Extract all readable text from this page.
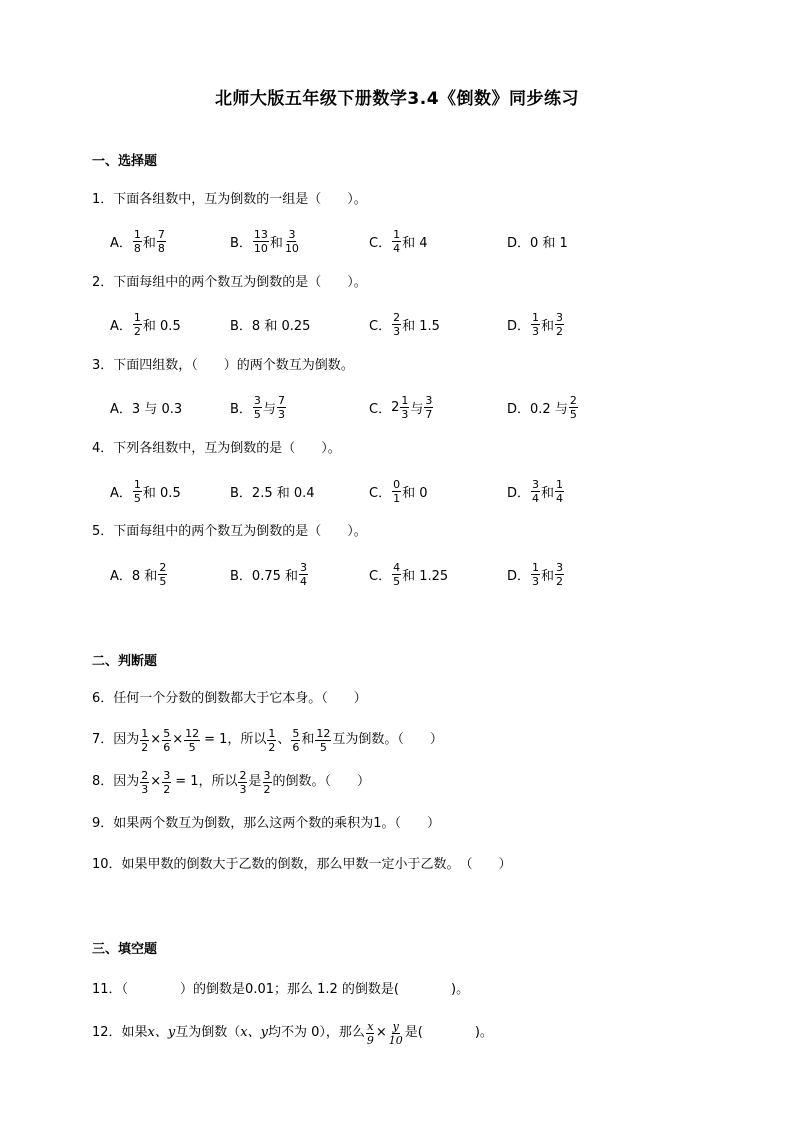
北师大版五年级下册数学3.4《倒数》同步练习
一、选择题
1．下面各组数中，互为倒数的一组是（　　）。
A． $\frac{1}{8}$ 和 $\frac{7}{8}$	B． $\frac{13}{10}$ 和 $\frac{3}{10}$	C． $\frac{1}{4}$ 和 4	D． 0 和 1
2．下面每组中的两个数互为倒数的是（　　）。
A． $\frac{1}{2}$ 和 0.5	B． 8 和 0.25	C． $\frac{2}{3}$ 和 1.5	D． $\frac{1}{3}$ 和 $\frac{3}{2}$
3．下面四组数，（　　）的两个数互为倒数。
A． 3 与 0.3	B． $\frac{3}{5}$ 与 $\frac{7}{3}$	C． $2 \frac{1}{3}$ 与 $\frac{3}{7}$	D． 0.2 与 $\frac{2}{5}$
4．下列各组数中，互为倒数的是（　　）。
A． $\frac{1}{5}$ 和 0.5	B． 2.5 和 0.4	C． $\frac{0}{1}$ 和 0	D． $\frac{3}{4}$ 和 $\frac{1}{4}$
5．下面每组中的两个数互为倒数的是（　　）。
A． 8 和 $\frac{2}{5}$	B． 0.75 和 $\frac{3}{4}$	C． $\frac{4}{5}$ 和 1.25	D． $\frac{1}{3}$ 和 $\frac{3}{2}$
二、判断题
6．任何一个分数的倒数都大于它本身。（　　）
7．因为 $\frac{1}{2} \times \frac{5}{6} \times \frac{12}{5} = 1$，所以 $\frac{1}{2}$ 、 $\frac{5}{6}$ 和 $\frac{12}{5}$ 互为倒数。（　　）
8．因为 $\frac{2}{3} \times \frac{3}{2} = 1$，所以 $\frac{2}{3}$ 是 $\frac{3}{2}$ 的倒数。（　　）
9．如果两个数互为倒数，那么这两个数的乘积为1。（　　）
10．如果甲数的倒数大于乙数的倒数，那么甲数一定小于乙数。　（　　）
三、填空题
11．（　　　　）的倒数是0.01；那么 1.2 的倒数是(　　　　)。
12．如果 x、y 互为倒数（ x、y 均不为 0），那么 $\frac{x}{9} \times \frac{y}{10}$ 是(　　　　)。
